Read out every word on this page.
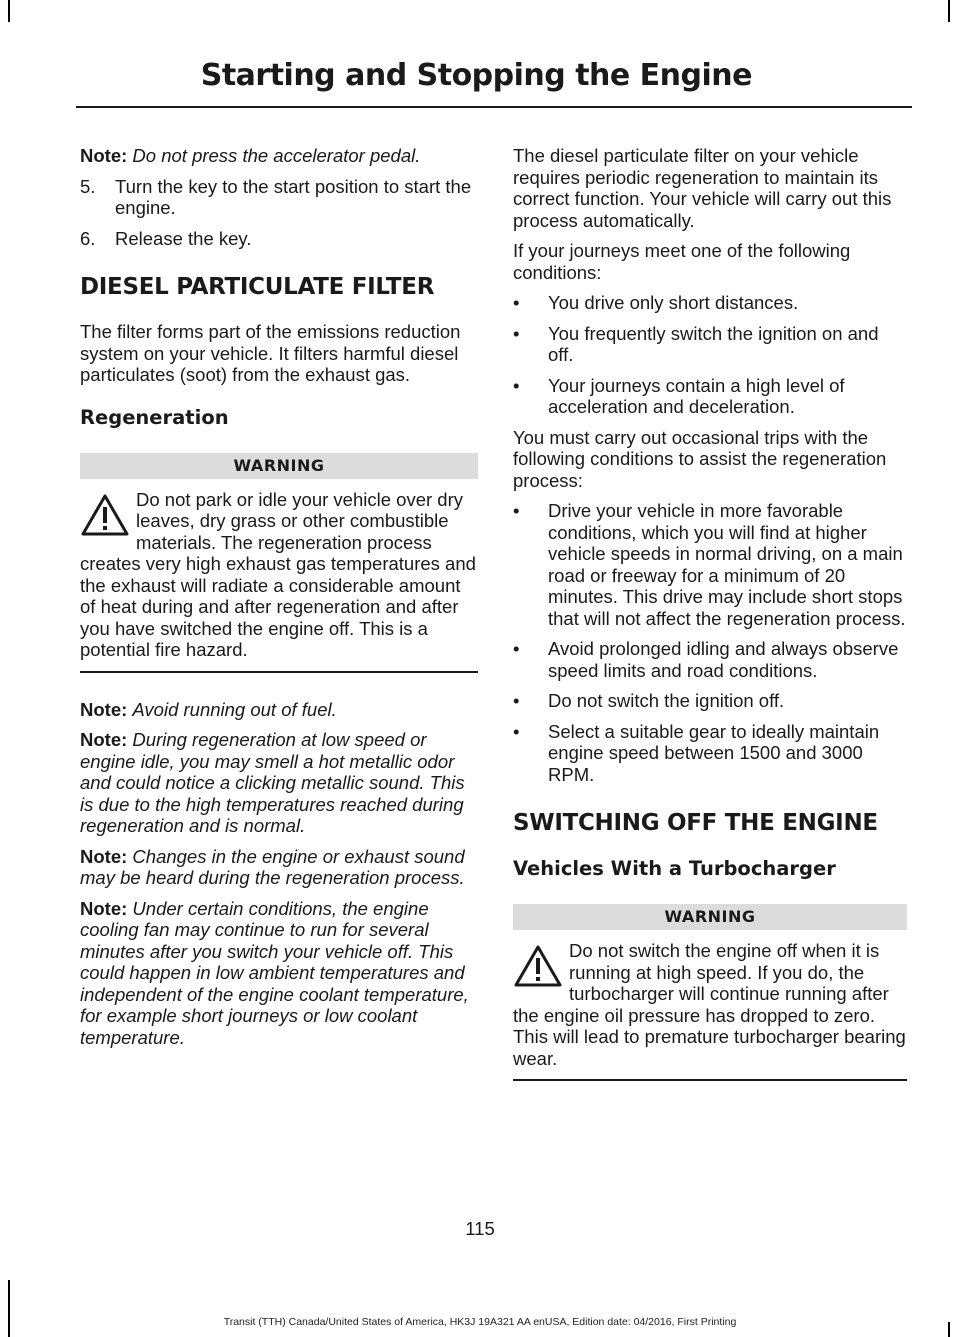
Starting and Stopping the Engine

Note: Do not press the accelerator pedal.

5. Turn the key to the start position to start the engine.
6. Release the key.
DIESEL PARTICULATE FILTER

The filter forms part of the emissions reduction system on your vehicle. It filters harmful diesel particulates (soot) from the exhaust gas.

Regeneration
WARNING
Do not park or idle your vehicle over dry leaves, dry grass or other combustible materials. The regeneration process creates very high exhaust gas temperatures and the exhaust will radiate a considerable amount of heat during and after regeneration and after you have switched the engine off. This is a potential fire hazard.

Note: Avoid running out of fuel.

Note: During regeneration at low speed or engine idle, you may smell a hot metallic odor and could notice a clicking metallic sound. This is due to the high temperatures reached during regeneration and is normal.

Note: Changes in the engine or exhaust sound may be heard during the regeneration process.

Note: Under certain conditions, the engine cooling fan may continue to run for several minutes after you switch your vehicle off. This could happen in low ambient temperatures and independent of the engine coolant temperature, for example short journeys or low coolant temperature.

The diesel particulate filter on your vehicle requires periodic regeneration to maintain its correct function. Your vehicle will carry out this process automatically.

If your journeys meet one of the following conditions:

• You drive only short distances.
• You frequently switch the ignition on and off.
• Your journeys contain a high level of acceleration and deceleration.

You must carry out occasional trips with the following conditions to assist the regeneration process:

• Drive your vehicle in more favorable conditions, which you will find at higher vehicle speeds in normal driving, on a main road or freeway for a minimum of 20 minutes. This drive may include short stops that will not affect the regeneration process.
• Avoid prolonged idling and always observe speed limits and road conditions.
• Do not switch the ignition off.
• Select a suitable gear to ideally maintain engine speed between 1500 and 3000 RPM.
SWITCHING OFF THE ENGINE
Vehicles With a Turbocharger
WARNING
Do not switch the engine off when it is running at high speed. If you do, the turbocharger will continue running after the engine oil pressure has dropped to zero. This will lead to premature turbocharger bearing wear.
115
Transit (TTH) Canada/United States of America, HK3J 19A321 AA enUSA, Edition date: 04/2016, First Printing
